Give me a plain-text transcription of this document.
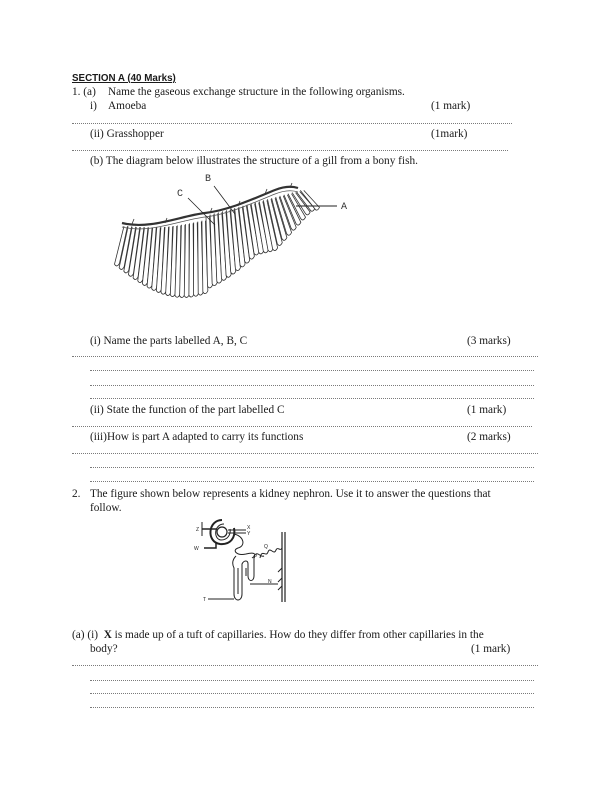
SECTION A (40 Marks)
1. (a) Name the gaseous exchange structure in the following organisms.
i) Amoeba	(1 mark)
(ii) Grasshopper	(1mark)
(b) The diagram below illustrates the structure of a gill from a bony fish.
A
B
C
(i) Name the parts labelled A, B, C	(3 marks)
(ii) State the function of the part labelled C	(1 mark)
(iii)How is part A adapted to carry its functions	(2 marks)
2. The figure shown below represents a kidney nephron. Use it to answer the questions that
follow.
Z	X
Y
W
P
Q
N
T
(a) (i) X is made up of a tuft of capillaries. How do they differ from other capillaries in the
body?	(1 mark)
